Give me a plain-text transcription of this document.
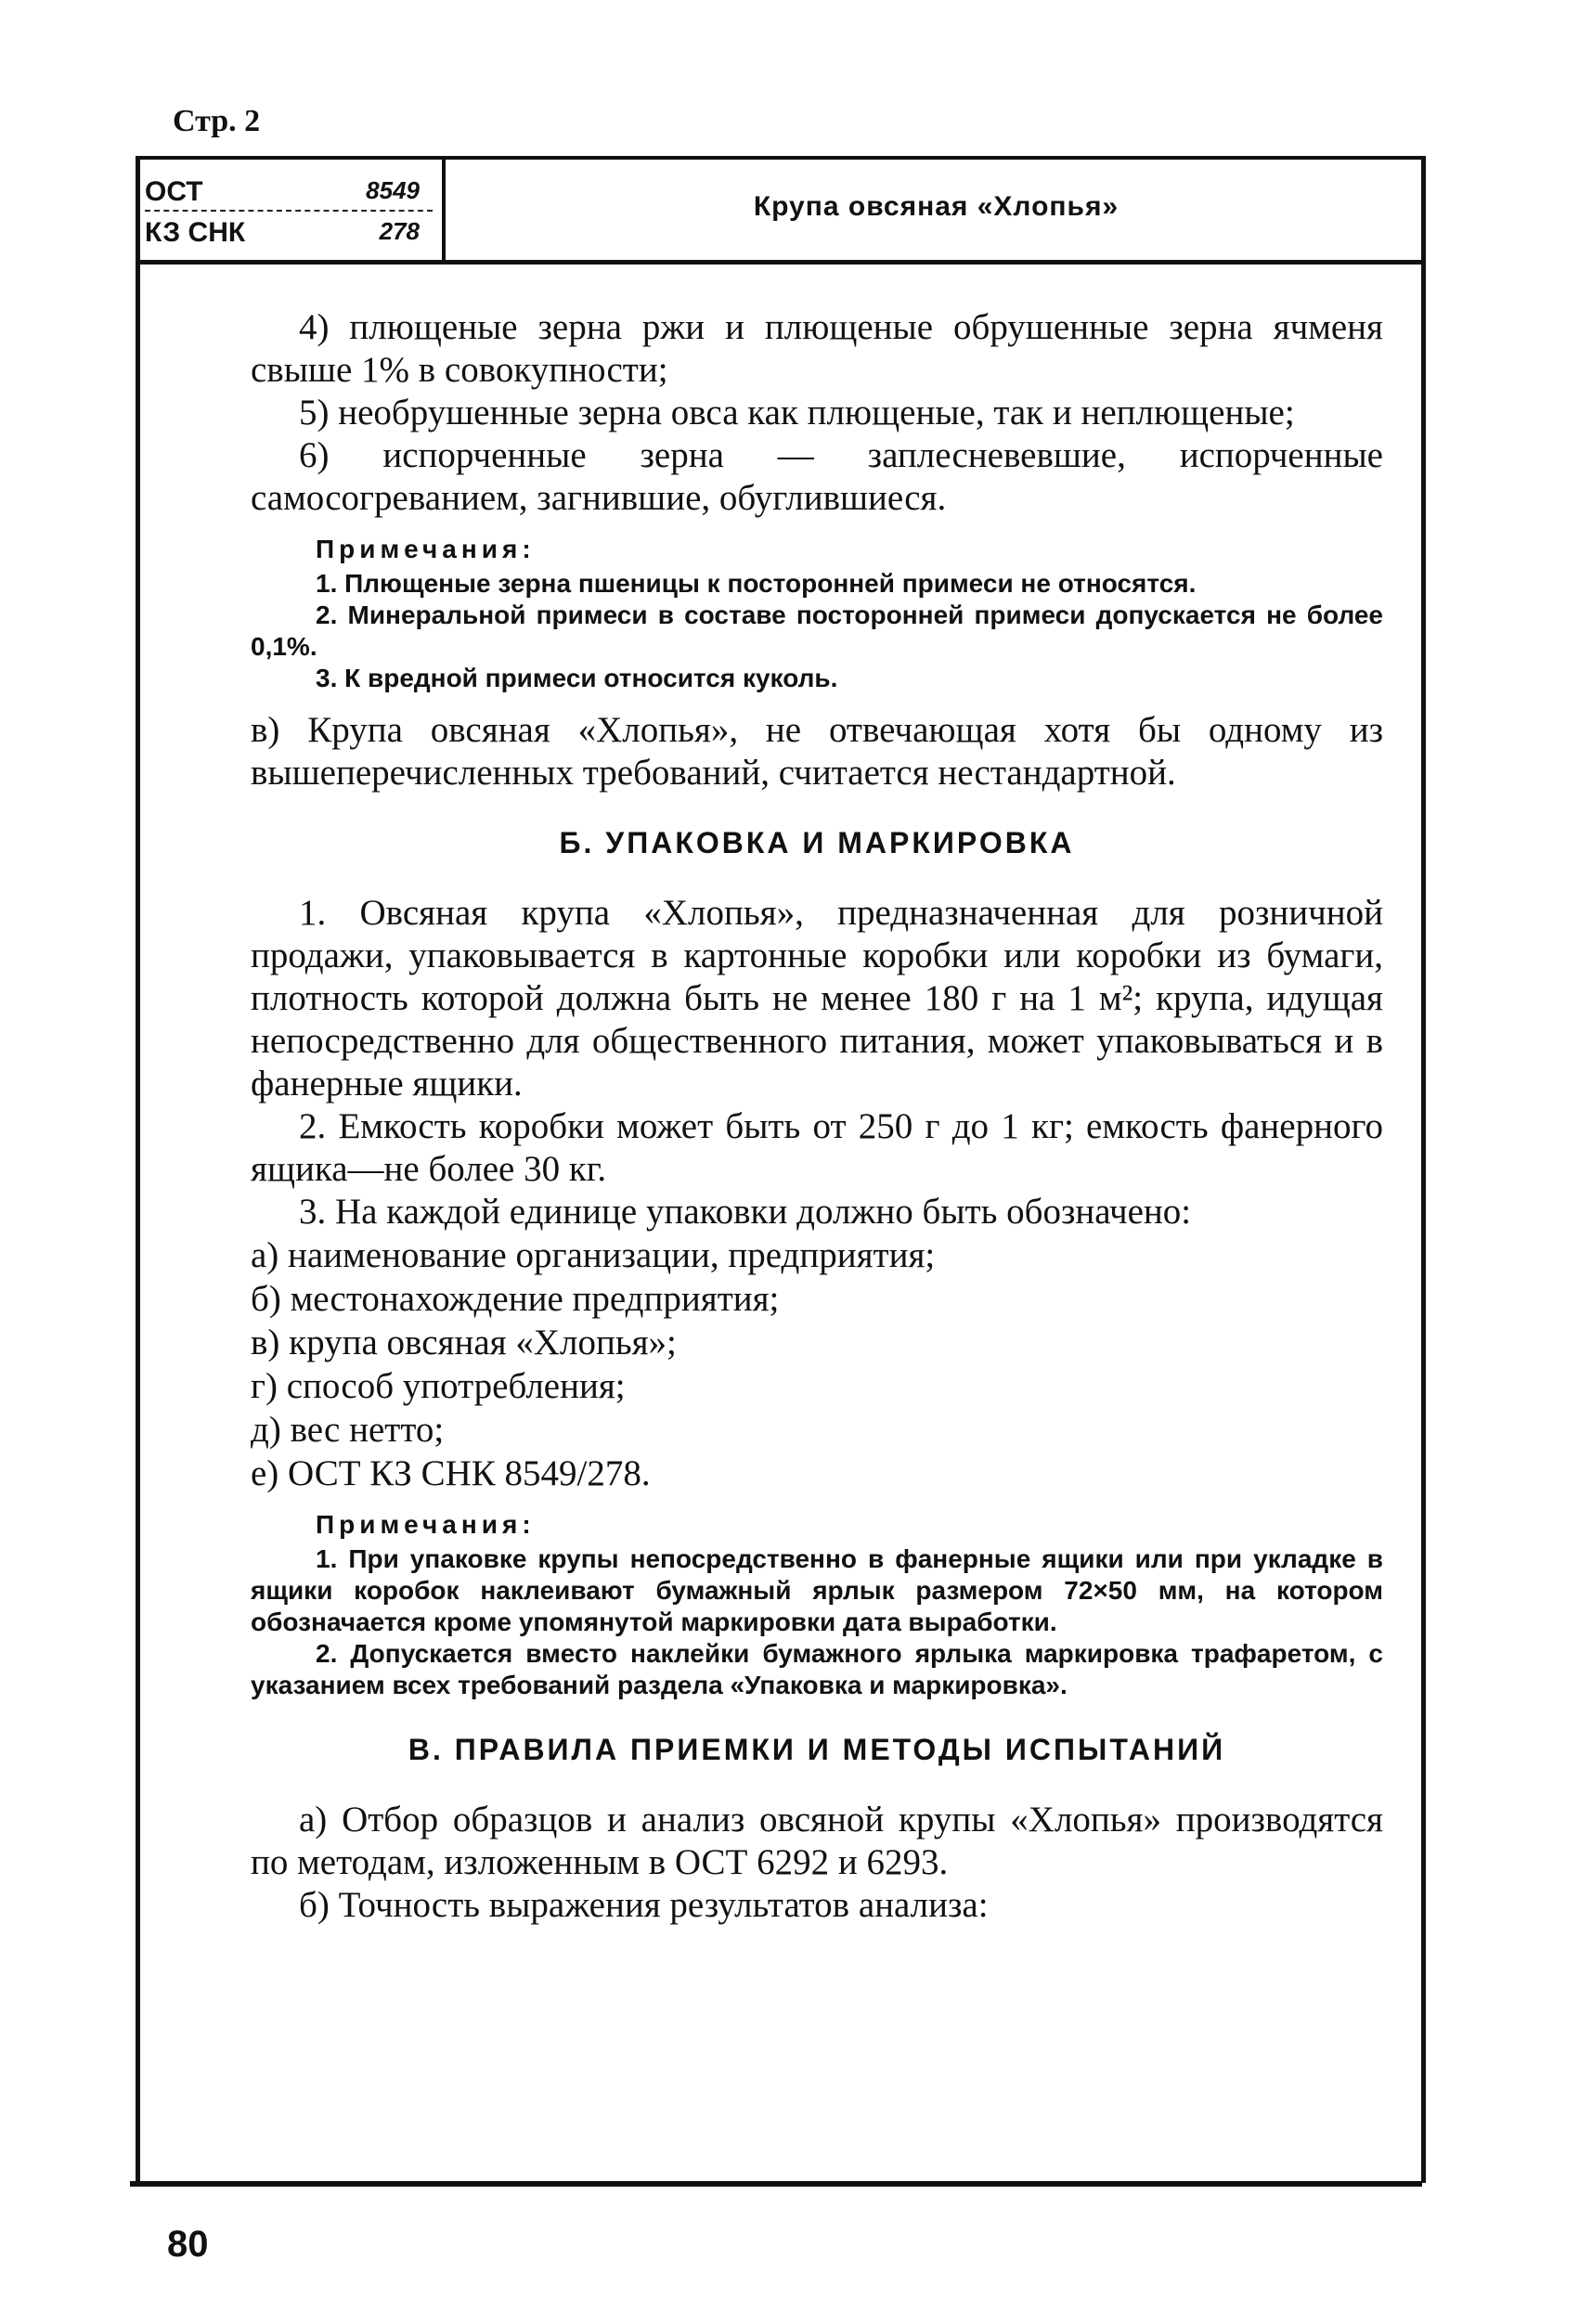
Стр. 2
ОСТ	8549
КЗ СНК	278
Крупа овсяная «Хлопья»

4) плющеные зерна ржи и плющеные обрушенные зерна ячменя свыше 1% в совокупности;

5) необрушенные зерна овса как плющеные, так и неплющеные;

6) испорченные зерна — заплесневевшие, испорченные самосогреванием, загнившие, обуглившиеся.

Примечания:

1. Плющеные зерна пшеницы к посторонней примеси не относятся.

2. Минеральной примеси в составе посторонней примеси допускается не более 0,1%.

3. К вредной примеси относится куколь.

в) Крупа овсяная «Хлопья», не отвечающая хотя бы одному из вышеперечисленных требований, считается нестандартной.

Б. УПАКОВКА И МАРКИРОВКА

1. Овсяная крупа «Хлопья», предназначенная для розничной продажи, упаковывается в картонные коробки или коробки из бумаги, плотность которой должна быть не менее 180 г на 1 м²; крупа, идущая непосредственно для общественного питания, может упаковываться и в фанерные ящики.

2. Емкость коробки может быть от 250 г до 1 кг; емкость фанерного ящика—не более 30 кг.

3. На каждой единице упаковки должно быть обозначено:

а) наименование организации, предприятия;

б) местонахождение предприятия;

в) крупа овсяная «Хлопья»;

г) способ употребления;

д) вес нетто;

е) ОСТ КЗ СНК 8549/278.

Примечания:

1. При упаковке крупы непосредственно в фанерные ящики или при укладке в ящики коробок наклеивают бумажный ярлык размером 72×50 мм, на котором обозначается кроме упомянутой маркировки дата выработки.

2. Допускается вместо наклейки бумажного ярлыка маркировка трафаретом, с указанием всех требований раздела «Упаковка и маркировка».

В. ПРАВИЛА ПРИЕМКИ И МЕТОДЫ ИСПЫТАНИЙ

а) Отбор образцов и анализ овсяной крупы «Хлопья» производятся по методам, изложенным в ОСТ 6292 и 6293.

б) Точность выражения результатов анализа:

80
